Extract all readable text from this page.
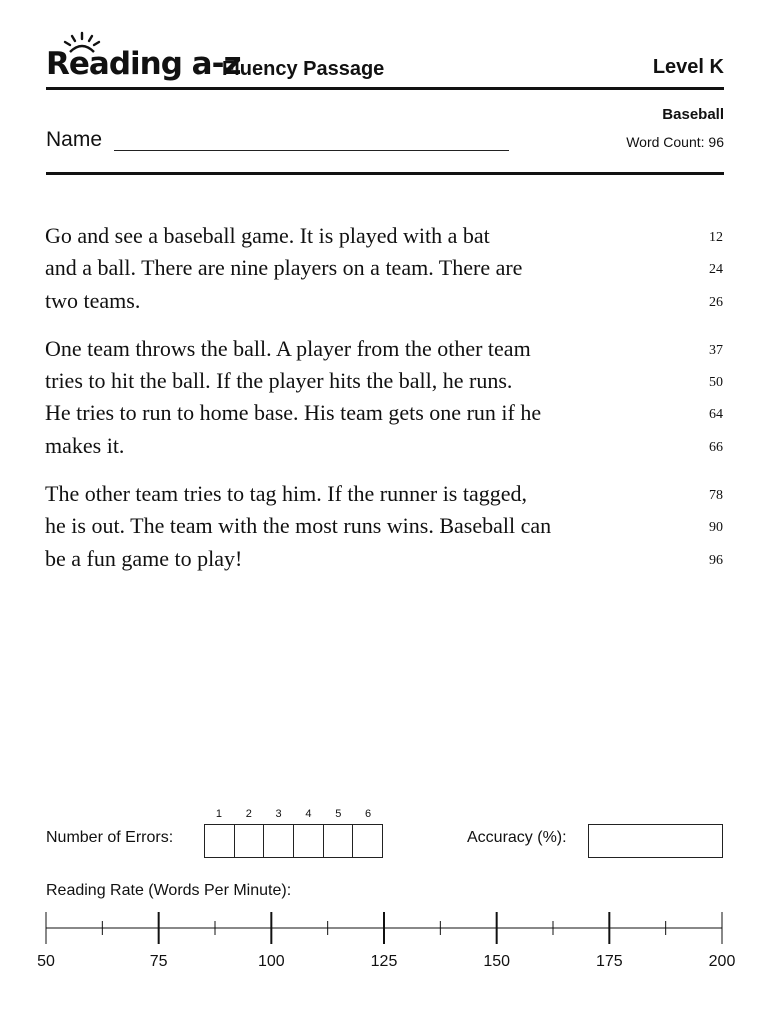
Reading a-z
Fluency Passage	Level K
Name
Baseball
Word Count: 96
Go and see a baseball game. It is played with a bat	12
and a ball. There are nine players on a team. There are	24
two teams.	26
One team throws the ball. A player from the other team	37
tries to hit the ball. If the player hits the ball, he runs.	50
He tries to run to home base. His team gets one run if he	64
makes it.	66
The other team tries to tag him. If the runner is tagged,	78
he is out. The team with the most runs wins. Baseball can	90
be a fun game to play!	96
Number of Errors:
1	2	3	4	5	6
Accuracy (%):
Reading Rate (Words Per Minute):
50	75	100	125	150	175	200
